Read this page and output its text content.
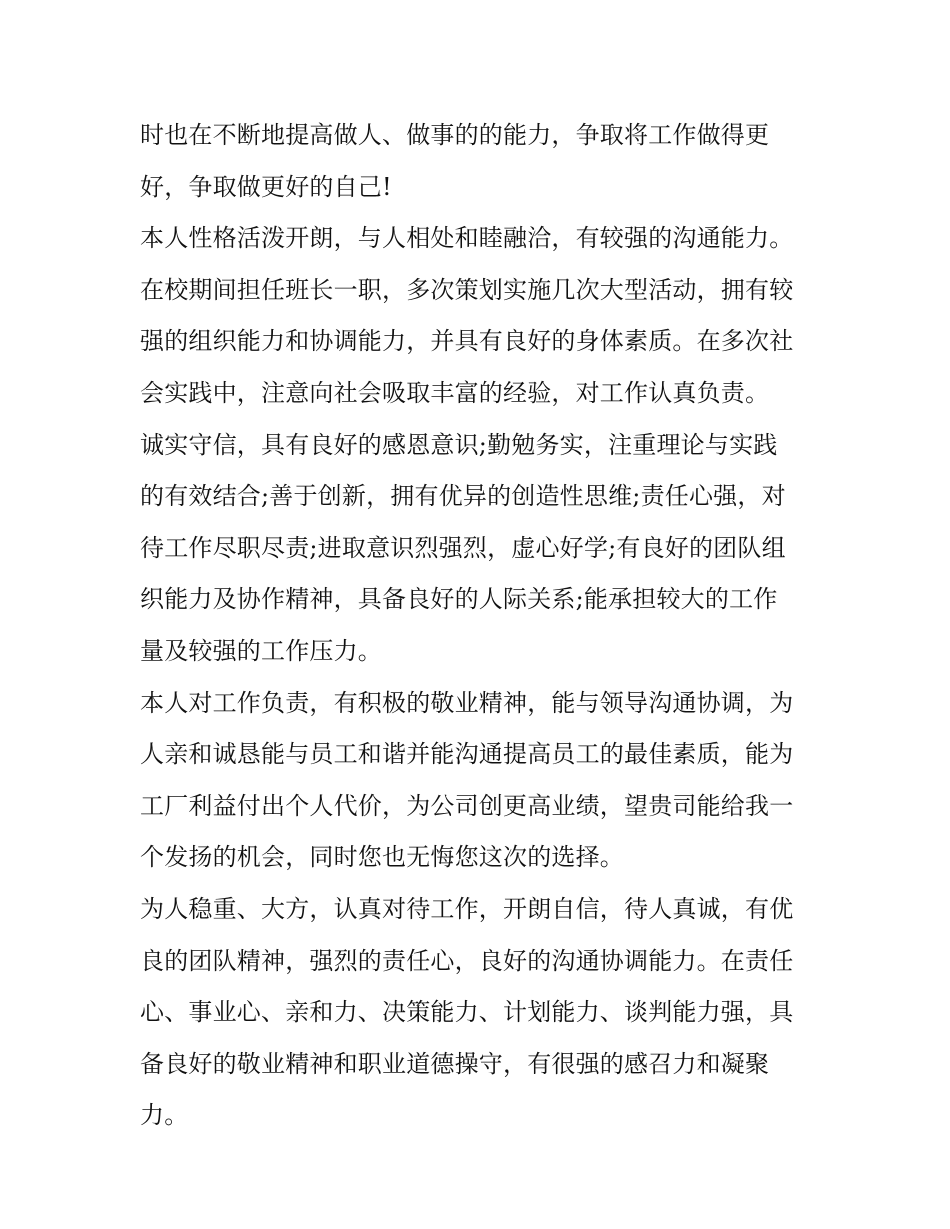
时也在不断地提高做人、做事的的能力，争取将工作做得更
好，争取做更好的自己!
本人性格活泼开朗，与人相处和睦融洽，有较强的沟通能力。
在校期间担任班长一职，多次策划实施几次大型活动，拥有较
强的组织能力和协调能力，并具有良好的身体素质。在多次社
会实践中，注意向社会吸取丰富的经验，对工作认真负责。
诚实守信，具有良好的感恩意识;勤勉务实，注重理论与实践
的有效结合;善于创新，拥有优异的创造性思维;责任心强，对
待工作尽职尽责;进取意识烈强烈，虚心好学;有良好的团队组
织能力及协作精神，具备良好的人际关系;能承担较大的工作
量及较强的工作压力。
本人对工作负责，有积极的敬业精神，能与领导沟通协调，为
人亲和诚恳能与员工和谐并能沟通提高员工的最佳素质，能为
工厂利益付出个人代价，为公司创更高业绩，望贵司能给我一
个发扬的机会，同时您也无悔您这次的选择。
为人稳重、大方，认真对待工作，开朗自信，待人真诚，有优
良的团队精神，强烈的责任心，良好的沟通协调能力。在责任
心、事业心、亲和力、决策能力、计划能力、谈判能力强，具
备良好的敬业精神和职业道德操守，有很强的感召力和凝聚
力。
